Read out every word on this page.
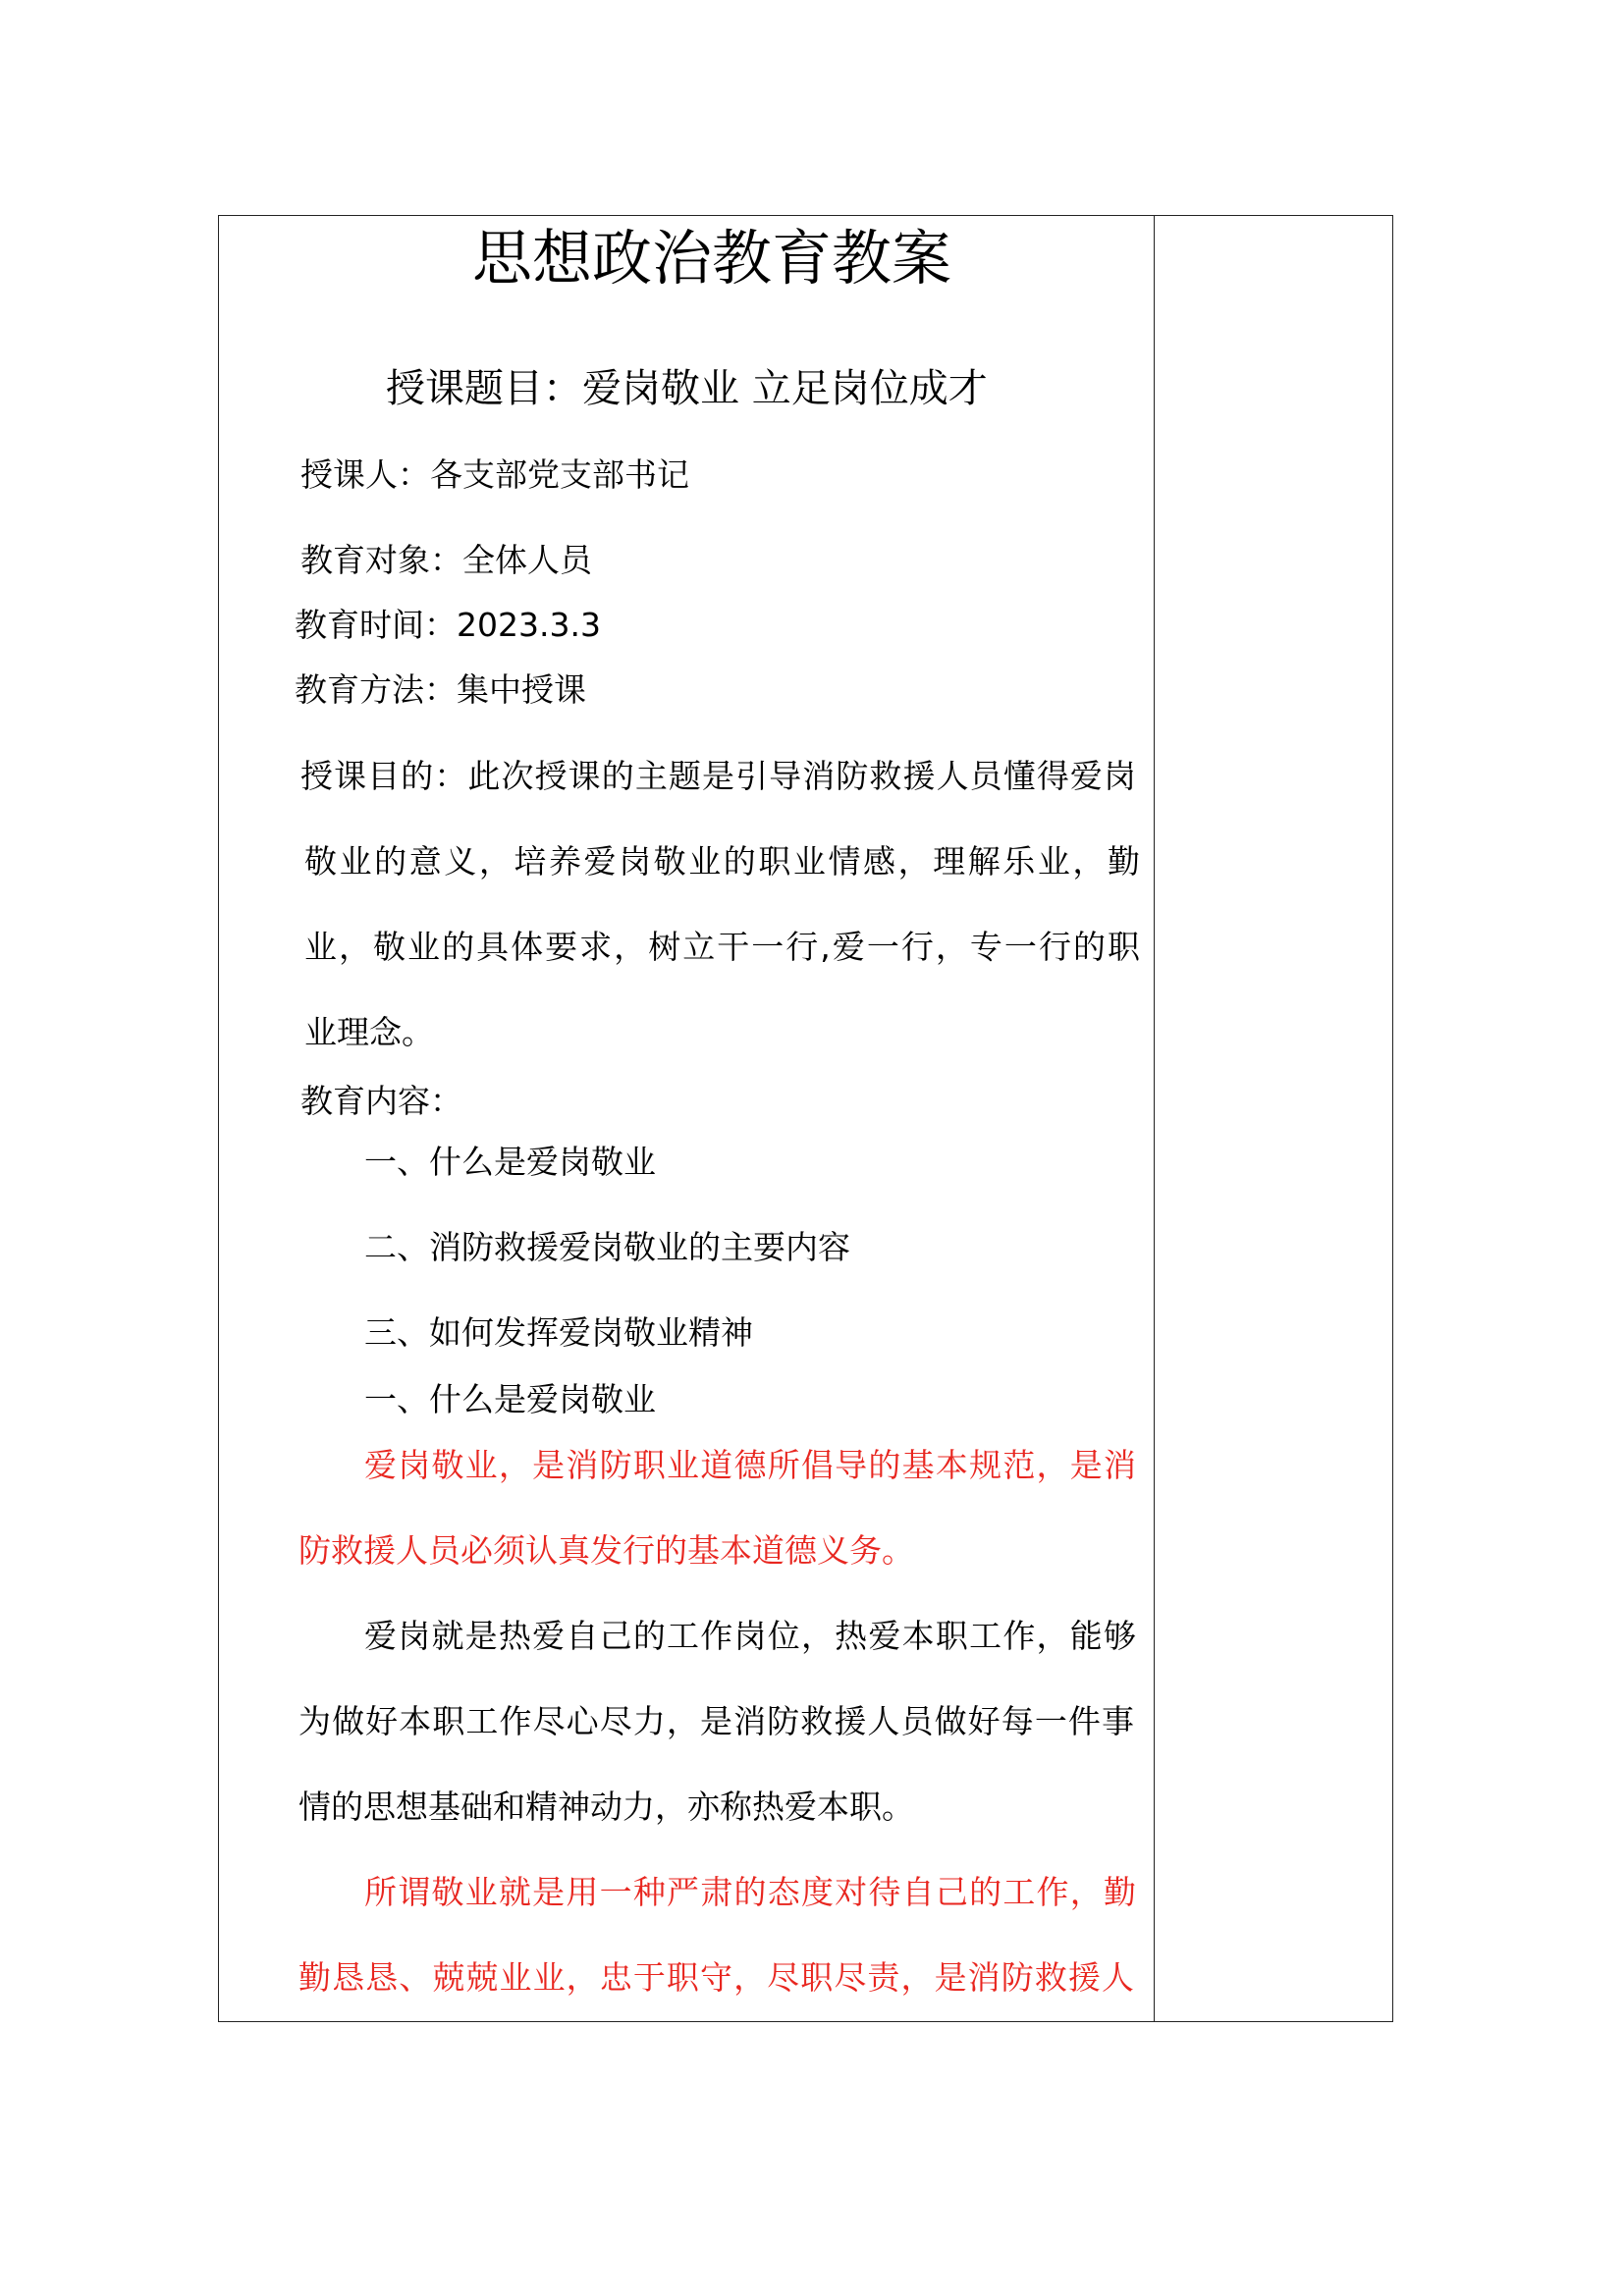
思想政治教育教案
授课题目：爱岗敬业 立足岗位成才
授课人：各支部党支部书记
教育对象：全体人员
教育时间：2023.3.3
教育方法：集中授课
授课目的：此次授课的主题是引导消防救援人员懂得爱岗
敬业的意义，培养爱岗敬业的职业情感，理解乐业，勤
业，敬业的具体要求，树立干一行,爱一行，专一行的职
业理念。
教育内容：
一、什么是爱岗敬业
二、消防救援爱岗敬业的主要内容
三、如何发挥爱岗敬业精神
一、什么是爱岗敬业
爱岗敬业，是消防职业道德所倡导的基本规范，是消
防救援人员必须认真发行的基本道德义务。
爱岗就是热爱自己的工作岗位，热爱本职工作，能够
为做好本职工作尽心尽力，是消防救援人员做好每一件事
情的思想基础和精神动力，亦称热爱本职。
所谓敬业就是用一种严肃的态度对待自己的工作，勤
勤恳恳、兢兢业业，忠于职守，尽职尽责，是消防救援人
